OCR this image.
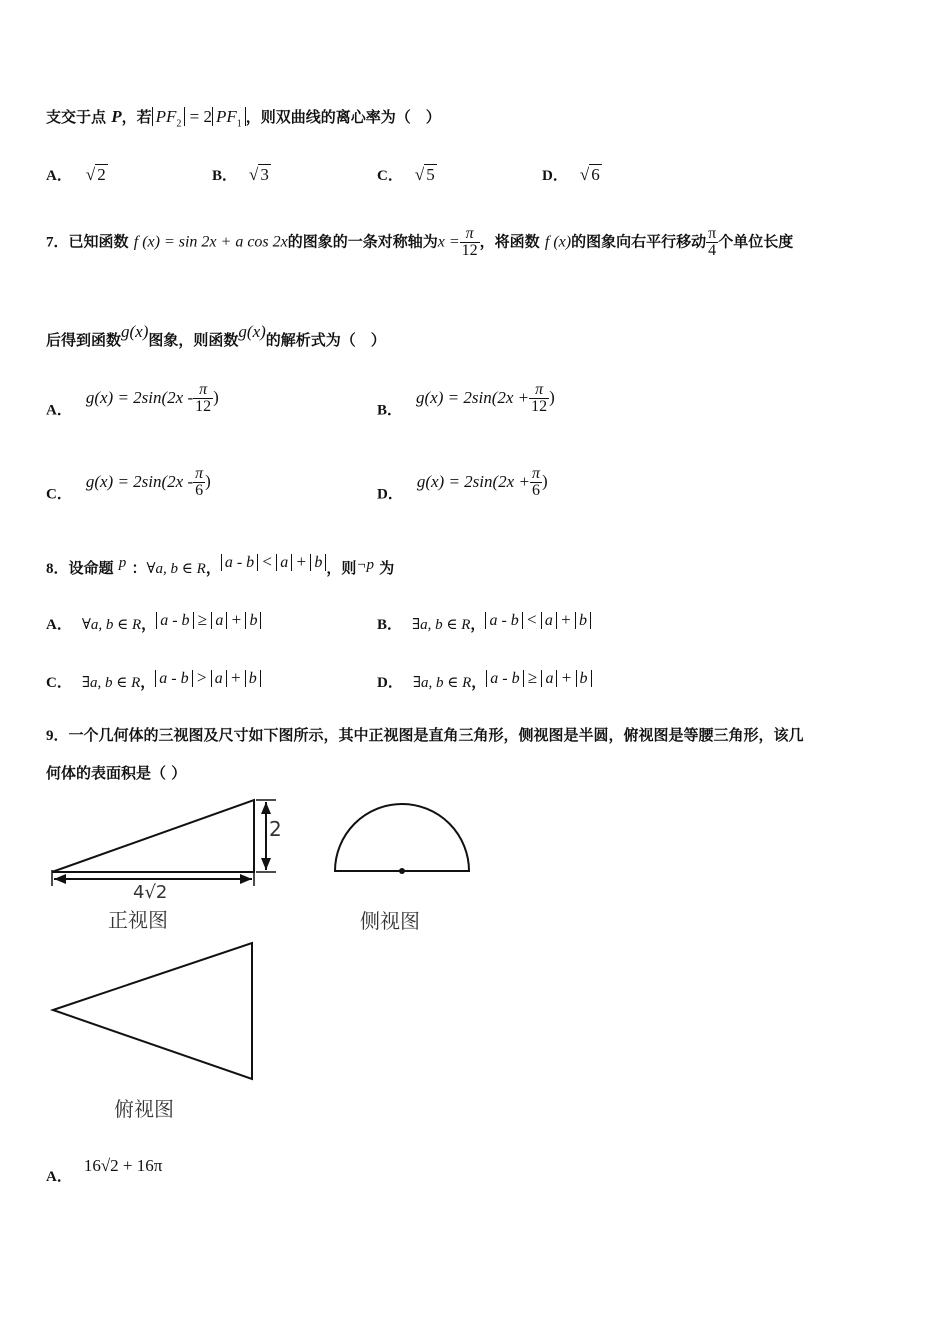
支交于点 P，若 $PF_2 = 2$ $PF_1$ ，则双曲线的离心率为（　）
A． √ 2	B． √ 3	C． √ 5	D． √ 6
7．已知函数 f (x) = sin 2x + a cos 2x的图象的一条对称轴为$x = \frac{\pi}{12}$ ，将函数 f (x)的图象向右平行移动 $\frac{\pi}{4}$ 个单位长度
后得到函数g(x)图象，则函数g(x)的解析式为（　）
A．$g(x) = 2\sin(2x - \frac{\pi}{12}$ )
B．$g(x) = 2\sin(2x + \frac{\pi}{12}$ )
C．$g(x) = 2\sin(2x - \frac{\pi}{6}$ )
D．$g(x) = 2\sin(2x + \frac{\pi}{6}$ )
8．设命题 p ：∀a, b ∈ R， a - b < a + b ，则¬p 为
A． ∀a, b ∈ R， a - b ≥ a + b	B． ∃a, b ∈ R， a - b < a + b
C． ∃a, b ∈ R， a - b > a + b	D． ∃a, b ∈ R， a - b ≥ a + b
9．一个几何体的三视图及尺寸如下图所示，其中正视图是直角三角形，侧视图是半圆，俯视图是等腰三角形，该几
何体的表面积是（ ）
2
4√2
正视图	侧视图
俯视图
A．16√2 + 16π
